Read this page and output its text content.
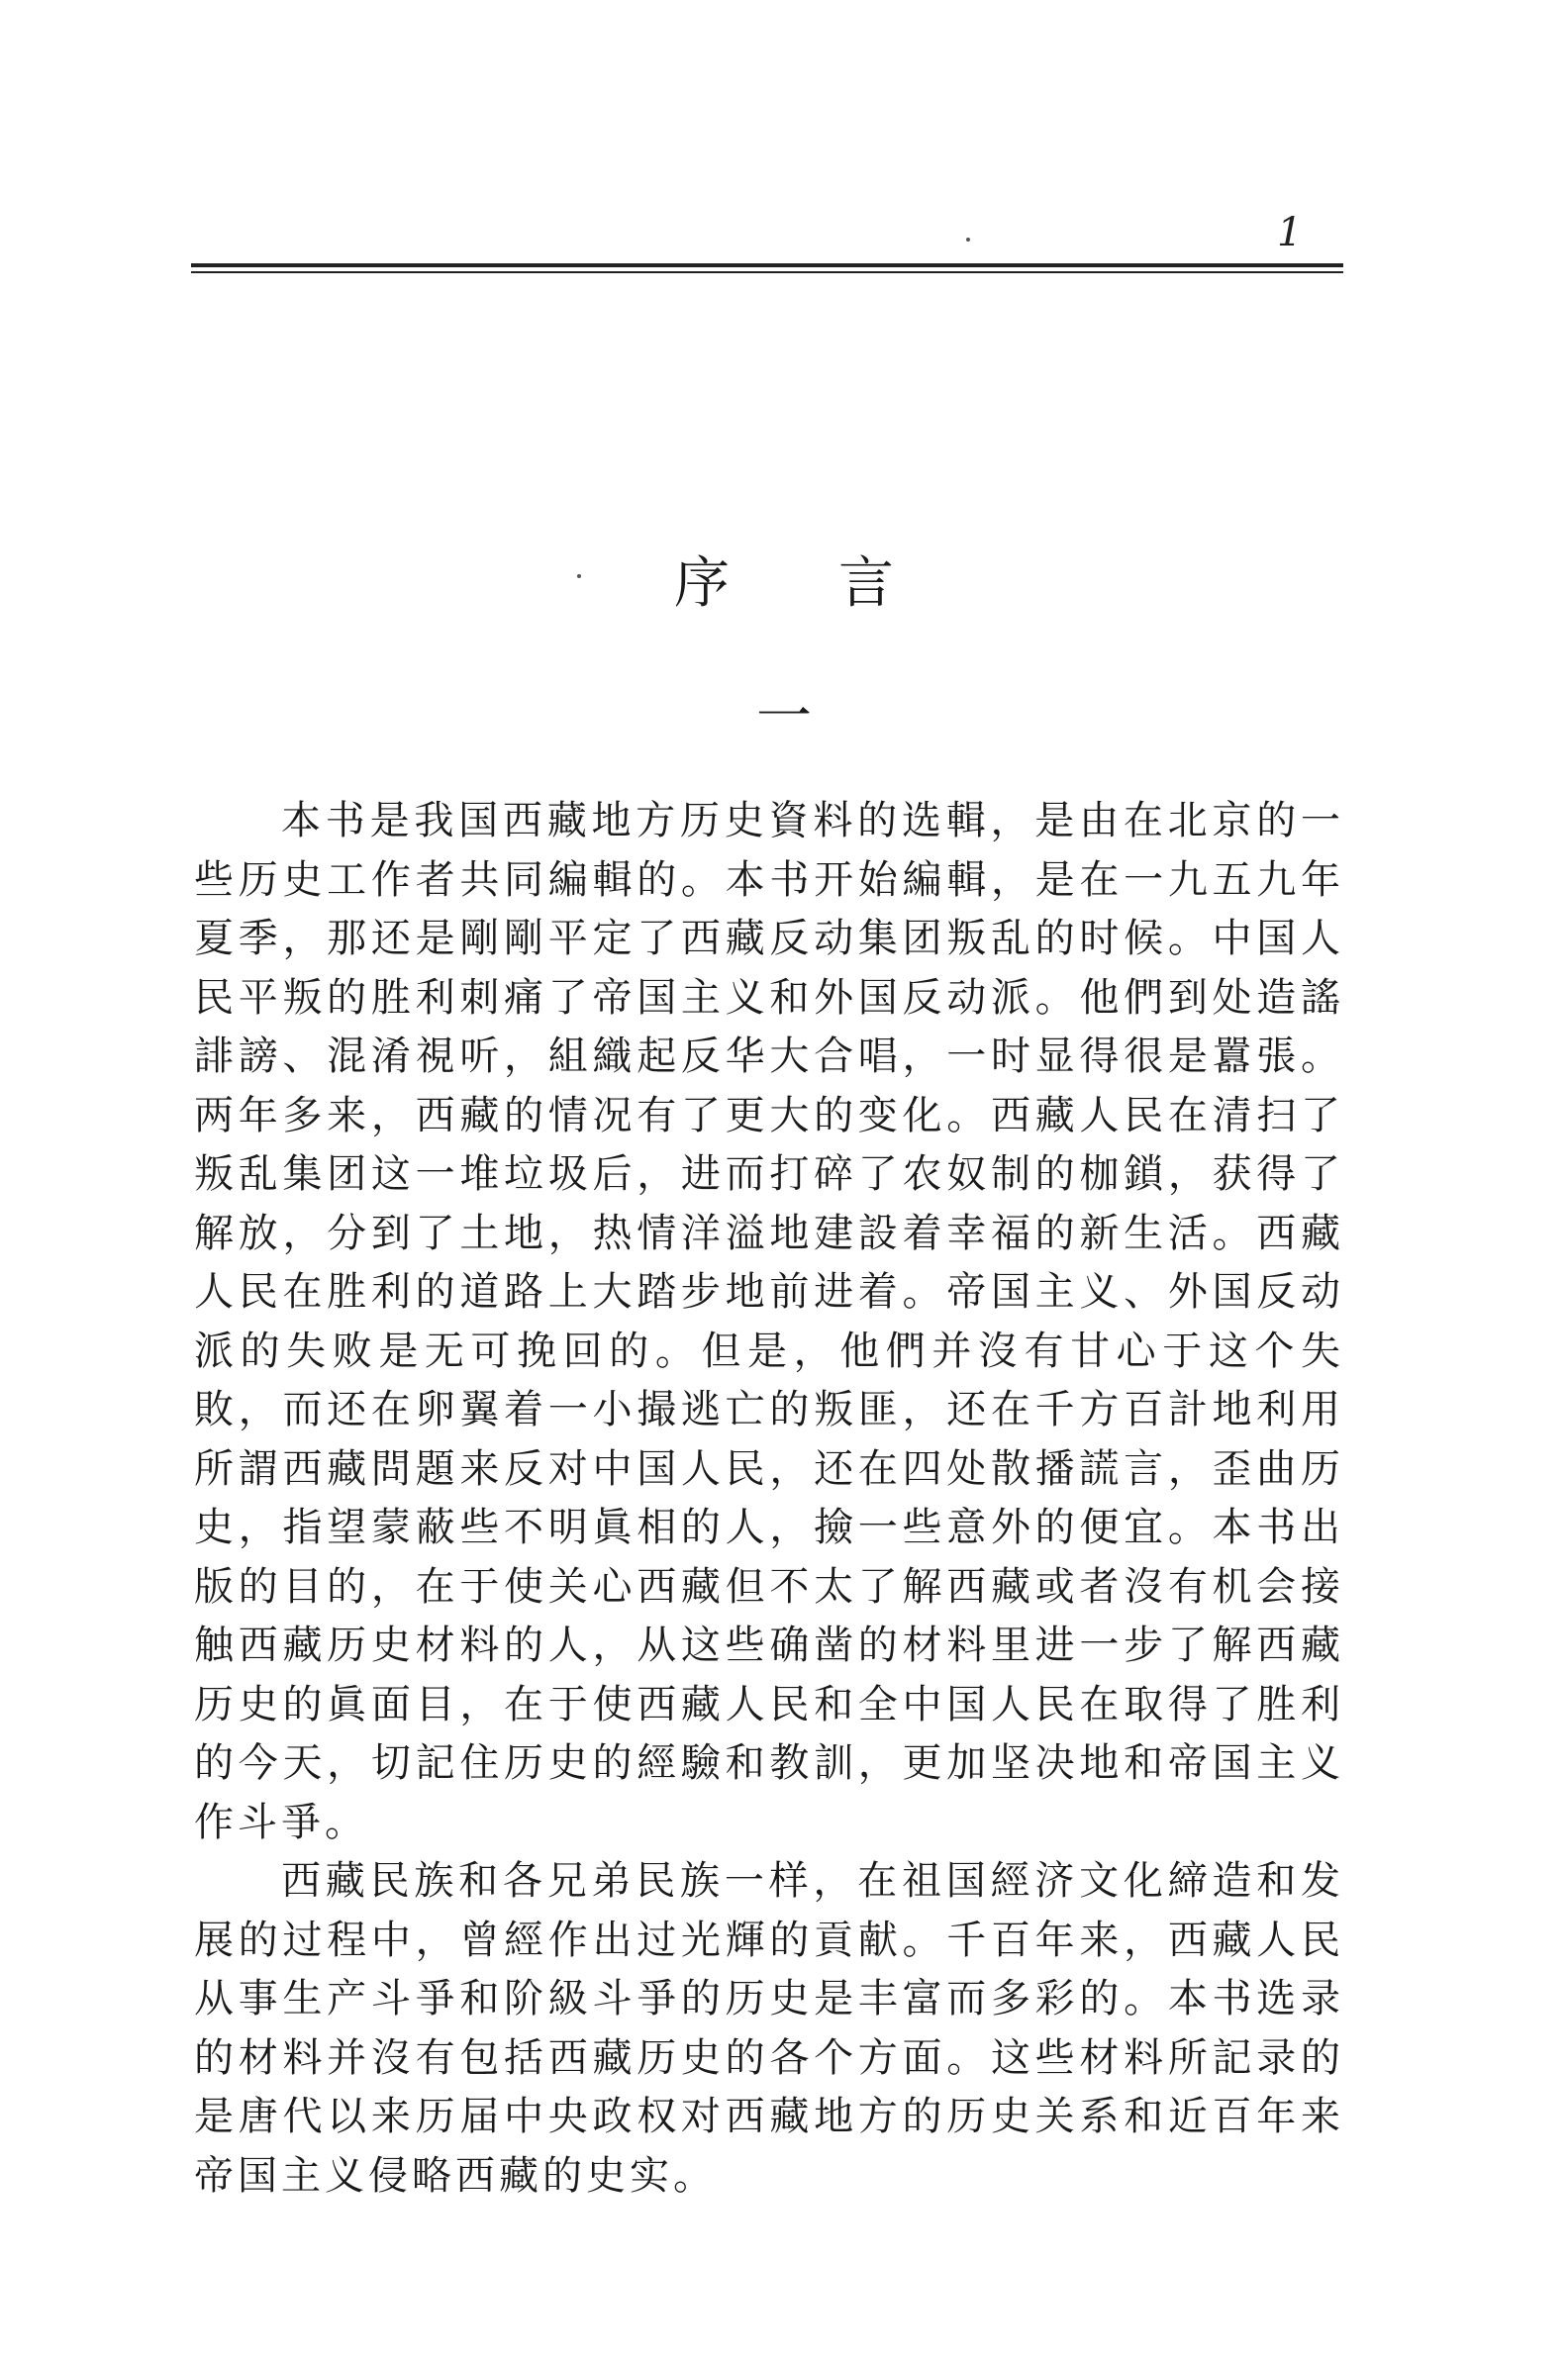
1
序言
一

本书是我国西藏地方历史資料的选輯，是由在北京的一些历史工作者共同編輯的。本书开始編輯，是在一九五九年夏季，那还是剛剛平定了西藏反动集团叛乱的时候。中国人民平叛的胜利刺痛了帝国主义和外国反动派。他們到处造謠誹謗、混淆視听，組織起反华大合唱，一时显得很是囂張。两年多来，西藏的情况有了更大的变化。西藏人民在清扫了叛乱集团这一堆垃圾后，进而打碎了农奴制的枷鎖，获得了解放，分到了土地，热情洋溢地建設着幸福的新生活。西藏人民在胜利的道路上大踏步地前进着。帝国主义、外国反动派的失败是无可挽回的。但是，他們并沒有甘心于这个失敗，而还在卵翼着一小撮逃亡的叛匪，还在千方百計地利用所謂西藏問題来反对中国人民，还在四处散播謊言，歪曲历史，指望蒙蔽些不明眞相的人，撿一些意外的便宜。本书出版的目的，在于使关心西藏但不太了解西藏或者沒有机会接触西藏历史材料的人，从这些确凿的材料里进一步了解西藏历史的眞面目，在于使西藏人民和全中国人民在取得了胜利的今天，切記住历史的經驗和教訓，更加坚决地和帝国主义作斗爭。

西藏民族和各兄弟民族一样，在祖国經济文化締造和发展的过程中，曾經作出过光輝的貢献。千百年来，西藏人民从事生产斗爭和阶級斗爭的历史是丰富而多彩的。本书选录的材料并沒有包括西藏历史的各个方面。这些材料所記录的是唐代以来历届中央政权对西藏地方的历史关系和近百年来帝国主义侵略西藏的史实。
